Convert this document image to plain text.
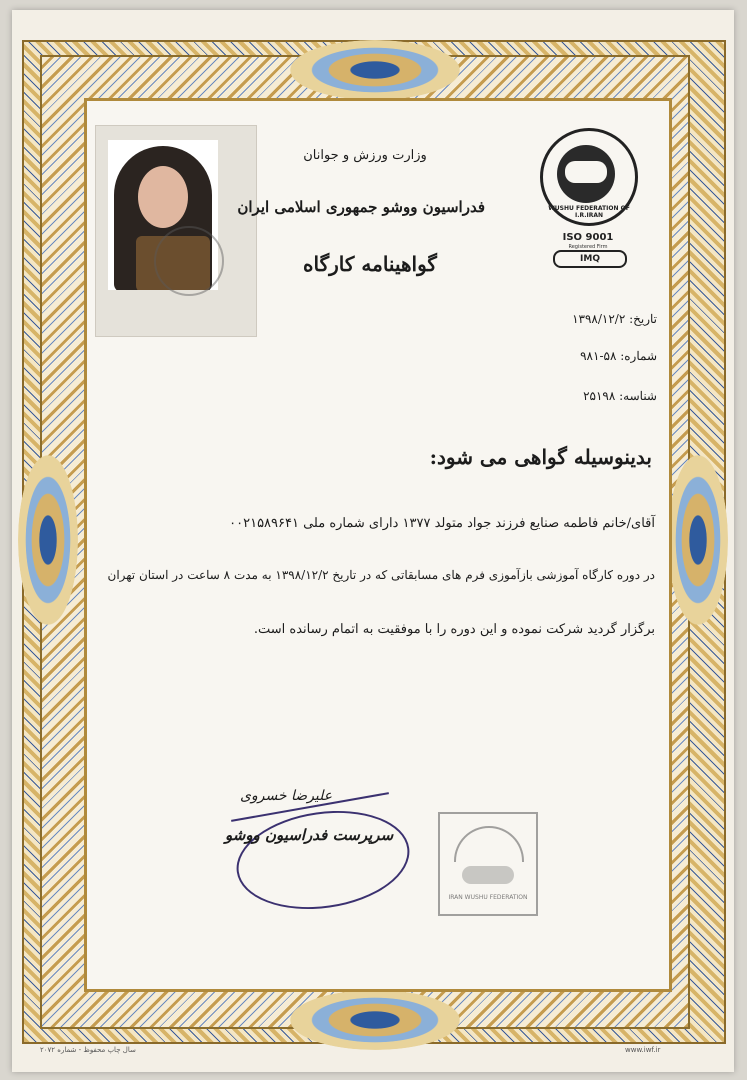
وزارت ورزش و جوانان
فدراسیون ووشو جمهوری اسلامی ایران
گواهینامه کارگاه
WUSHU FEDERATION OF I.R.IRAN
ISO 9001
Registered Firm
IMQ
تاریخ: ۱۳۹۸/۱۲/۲
شماره: ۵۸-۹۸۱
شناسه: ۲۵۱۹۸
بدینوسیله گواهی می شود:
آقای/خانم فاطمه صنایع فرزند جواد متولد ۱۳۷۷ دارای شماره ملی ۰۰۲۱۵۸۹۶۴۱
در دوره کارگاه آموزشی بازآموزی فرم های مسابقاتی که در تاریخ ۱۳۹۸/۱۲/۲ به مدت ۸ ساعت در استان تهران
برگزار گردید شرکت نموده و این دوره را با موفقیت به اتمام رسانده است.
علیرضا خسروی
سرپرست فدراسیون ووشو
IRAN WUSHU FEDERATION
سال چاپ محفوظ - شماره ۲۰۷۲	www.iwf.ir
